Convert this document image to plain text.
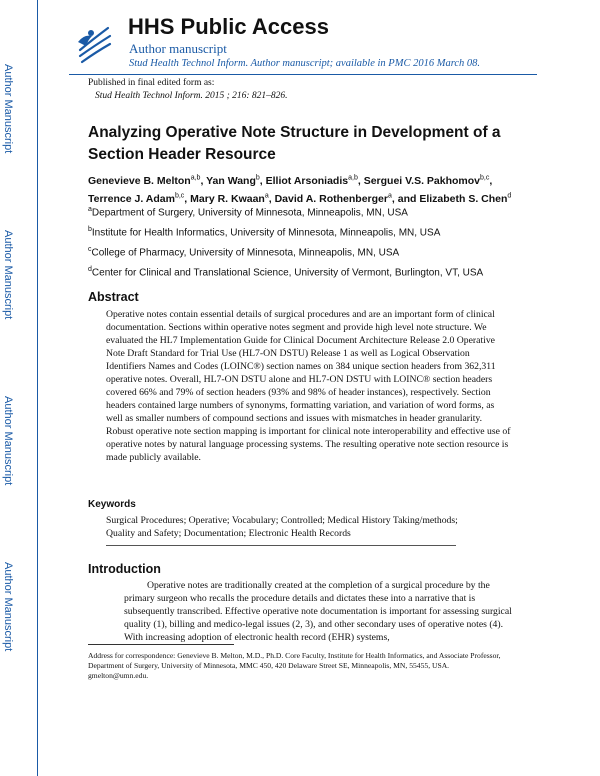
Author Manuscript
Author Manuscript
Author Manuscript
Author Manuscript
HHS Public Access
Author manuscript
Stud Health Technol Inform. Author manuscript; available in PMC 2016 March 08.
Published in final edited form as:
Stud Health Technol Inform. 2015 ; 216: 821–826.
Analyzing Operative Note Structure in Development of a Section Header Resource
Genevieve B. Melton$^{a,b}$, Yan Wang$^b$, Elliot Arsoniadis$^{a,b}$, Serguei V.S. Pakhomov$^{b,c}$,
Terrence J. Adam$^{b,c}$, Mary R. Kwaan$^a$, David A. Rothenberger$^a$, and Elizabeth S. Chen$^d$
$^a$Department of Surgery, University of Minnesota, Minneapolis, MN, USA
$^b$Institute for Health Informatics, University of Minnesota, Minneapolis, MN, USA
$^c$College of Pharmacy, University of Minnesota, Minneapolis, MN, USA
$^d$Center for Clinical and Translational Science, University of Vermont, Burlington, VT, USA
Abstract

Operative notes contain essential details of surgical procedures and are an important form of clinical documentation. Sections within operative notes segment and provide high level note structure. We evaluated the HL7 Implementation Guide for Clinical Document Architecture Release 2.0 Operative Note Draft Standard for Trial Use (HL7-ON DSTU) Release 1 as well as Logical Observation Identifiers Names and Codes (LOINC®) section names on 384 unique section headers from 362,311 operative notes. Overall, HL7-ON DSTU alone and HL7-ON DSTU with LOINC® section headers covered 66% and 79% of section headers (93% and 98% of header instances), respectively. Section headers contained large numbers of synonyms, formatting variation, and variation of word forms, as well as smaller numbers of compound sections and issues with mismatches in header granularity. Robust operative note section mapping is important for clinical note interoperability and effective use of operative notes by natural language processing systems. The resulting operative note section resource is made publicly available.

Keywords

Surgical Procedures; Operative; Vocabulary; Controlled; Medical History Taking/methods; Quality and Safety; Documentation; Electronic Health Records

Introduction

Operative notes are traditionally created at the completion of a surgical procedure by the primary surgeon who recalls the procedure details and dictates these into a narrative that is subsequently transcribed. Effective operative note documentation is important for assessing surgical quality (1), billing and medico-legal issues (2, 3), and other secondary uses of operative notes (4). With increasing adoption of electronic health record (EHR) systems,

Address for correspondence: Genevieve B. Melton, M.D., Ph.D. Core Faculty, Institute for Health Informatics, and Associate Professor, Department of Surgery, University of Minnesota, MMC 450, 420 Delaware Street SE, Minneapolis, MN, 55455, USA. gmelton@umn.edu.
